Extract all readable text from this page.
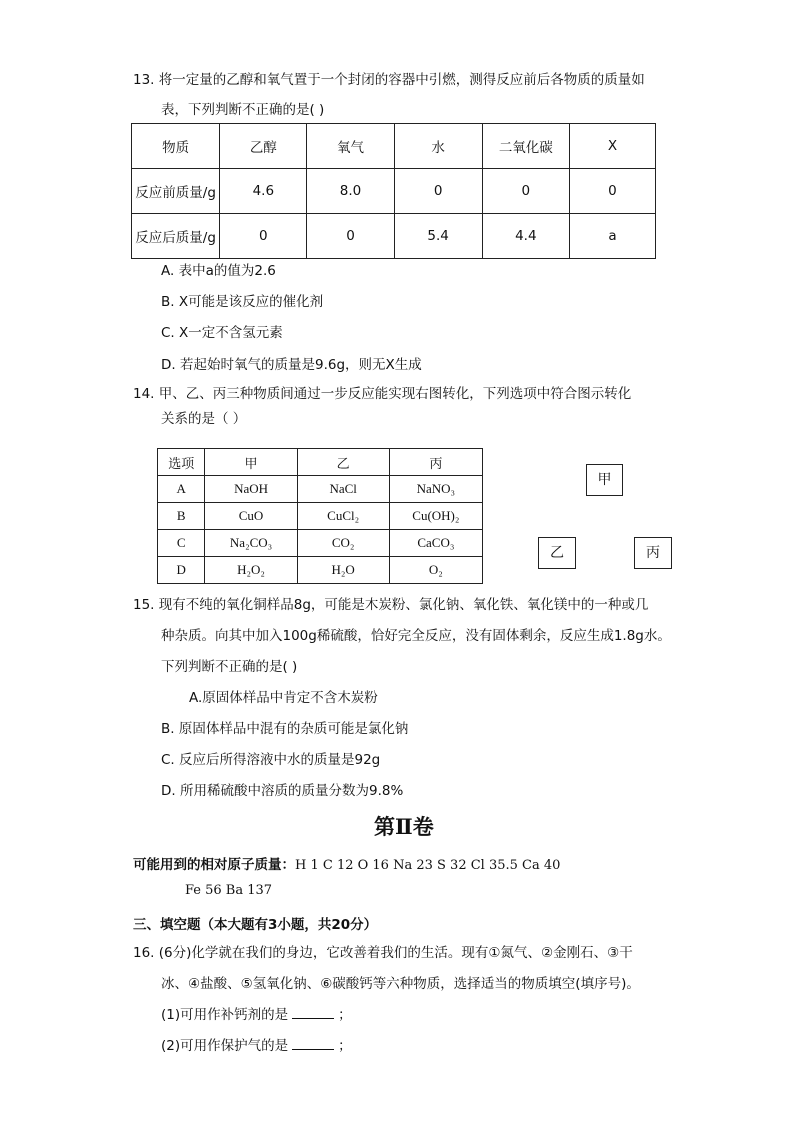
13. 将一定量的乙醇和氧气置于一个封闭的容器中引燃，测得反应前后各物质的质量如
表，下列判断不正确的是( )
物质	乙醇	氧气	水	二氧化碳	X
反应前质量/g	4.6	8.0	0	0	0
反应后质量/g	0	0	5.4	4.4	a
A. 表中a的值为2.6
B. X可能是该反应的催化剂
C. X一定不含氢元素
D. 若起始时氧气的质量是9.6g，则无X生成
14. 甲、乙、丙三种物质间通过一步反应能实现右图转化，下列选项中符合图示转化
关系的是（ ）
选项	甲	乙	丙
A	NaOH	NaCl	NaNO₃
B	CuO	CuCl₂	Cu(OH)₂
C	Na₂CO₃	CO₂	CaCO₃
D	H₂O₂	H₂O	O₂
甲
乙	丙
15. 现有不纯的氧化铜样品8g，可能是木炭粉、氯化钠、氧化铁、氧化镁中的一种或几
种杂质。向其中加入100g稀硫酸，恰好完全反应，没有固体剩余，反应生成1.8g水。
下列判断不正确的是( )
A.原固体样品中肯定不含木炭粉
B. 原固体样品中混有的杂质可能是氯化钠
C. 反应后所得溶液中水的质量是92g
D. 所用稀硫酸中溶质的质量分数为9.8%
第Ⅱ卷
可能用到的相对原子质量：H 1 C 12 O 16 Na 23 S 32 Cl 35.5 Ca 40
Fe 56 Ba 137
三、填空题（本大题有3小题，共20分）
16. (6分)化学就在我们的身边，它改善着我们的生活。现有①氮气、②金刚石、③干
冰、④盐酸、⑤氢氧化钠、⑥碳酸钙等六种物质，选择适当的物质填空(填序号)。
(1)可用作补钙剂的是	；
(2)可用作保护气的是	；
